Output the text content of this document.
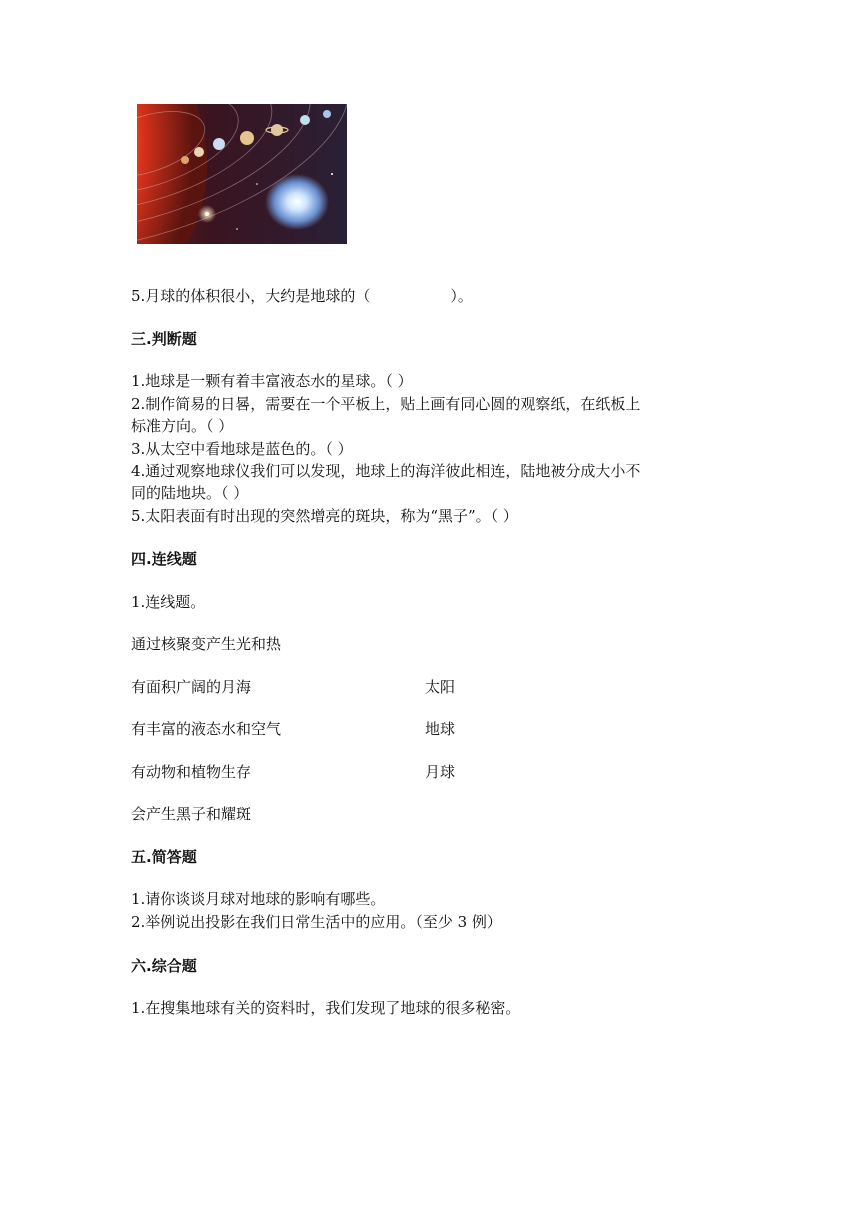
5.月球的体积很小，大约是地球的（	）。
三.判断题
1.地球是一颗有着丰富液态水的星球。（ ）
2.制作简易的日晷，需要在一个平板上，贴上画有同心圆的观察纸，在纸板上
标准方向。（ ）
3.从太空中看地球是蓝色的。（ ）
4.通过观察地球仪我们可以发现，地球上的海洋彼此相连，陆地被分成大小不
同的陆地块。（ ）
5.太阳表面有时出现的突然增亮的斑块，称为“黑子”。（ ）
四.连线题
1.连线题。
通过核聚变产生光和热
有面积广阔的月海	太阳
有丰富的液态水和空气	地球
有动物和植物生存	月球
会产生黑子和耀斑
五.简答题
1.请你谈谈月球对地球的影响有哪些。
2.举例说出投影在我们日常生活中的应用。（至少 3 例）
六.综合题
1.在搜集地球有关的资料时，我们发现了地球的很多秘密。
